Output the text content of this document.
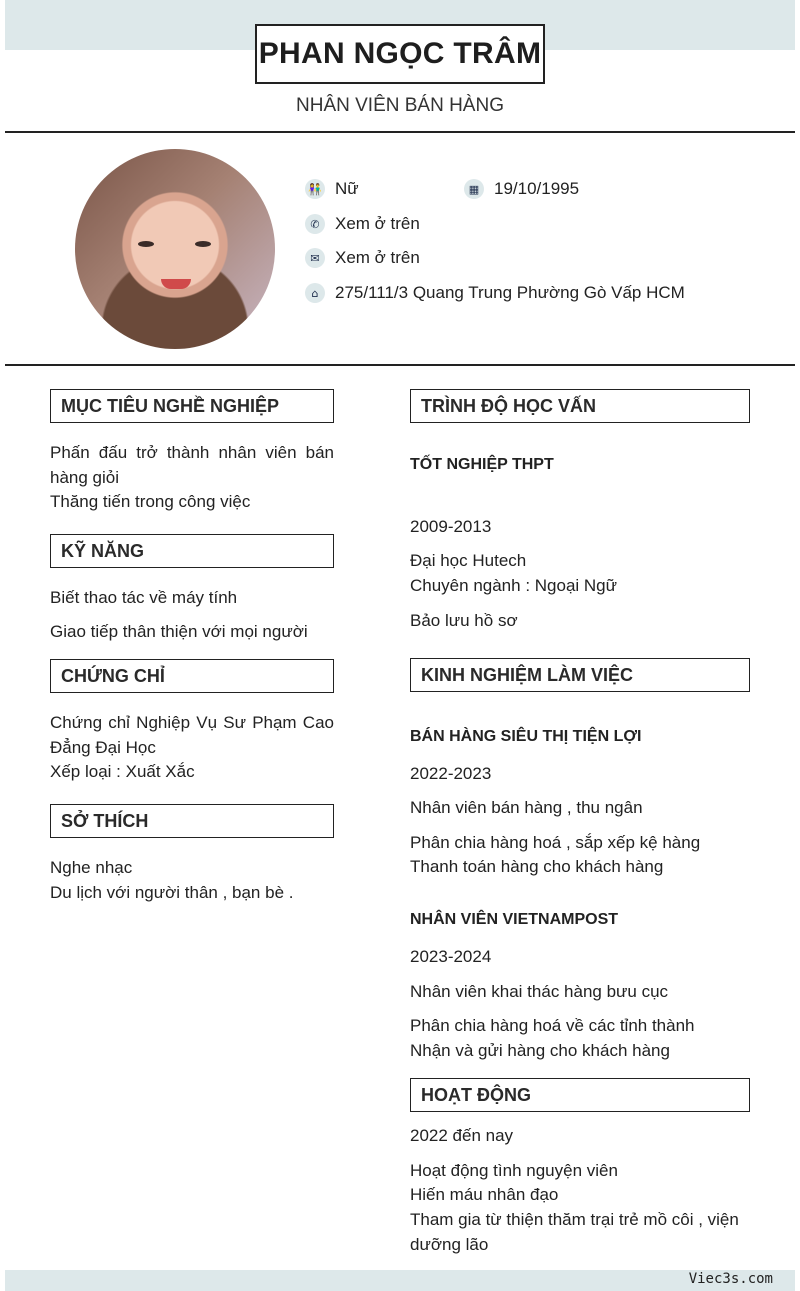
PHAN NGỌC TRÂM
NHÂN VIÊN BÁN HÀNG
👫 Nữ	▦ 19/10/1995
✆ Xem ở trên
✉ Xem ở trên
⌂ 275/111/3 Quang Trung Phường Gò Vấp HCM
MỤC TIÊU NGHỀ NGHIỆP
Phấn đấu trở thành nhân viên bán hàng giỏi
Thăng tiến trong công việc
KỸ NĂNG
Biết thao tác về máy tính
Giao tiếp thân thiện với mọi người
CHỨNG CHỈ
Chứng chỉ Nghiệp Vụ Sư Phạm Cao Đẳng Đại Học
Xếp loại : Xuất Xắc
SỞ THÍCH
Nghe nhạc
Du lịch với người thân , bạn bè .
TRÌNH ĐỘ HỌC VẤN
TỐT NGHIỆP THPT
2009-2013
Đại học Hutech
Chuyên ngành : Ngoại Ngữ
Bảo lưu hồ sơ
KINH NGHIỆM LÀM VIỆC
BÁN HÀNG SIÊU THỊ TIỆN LỢI
2022-2023
Nhân viên bán hàng , thu ngân
Phân chia hàng hoá , sắp xếp kệ hàng
Thanh toán hàng cho khách hàng
NHÂN VIÊN VIETNAMPOST
2023-2024
Nhân viên khai thác hàng bưu cục
Phân chia hàng hoá về các tỉnh thành
Nhận và gửi hàng cho khách hàng
HOẠT ĐỘNG
2022 đến nay
Hoạt động tình nguyện viên
Hiến máu nhân đạo
Tham gia từ thiện thăm trại trẻ mồ côi , viện dưỡng lão
Viec3s.com
